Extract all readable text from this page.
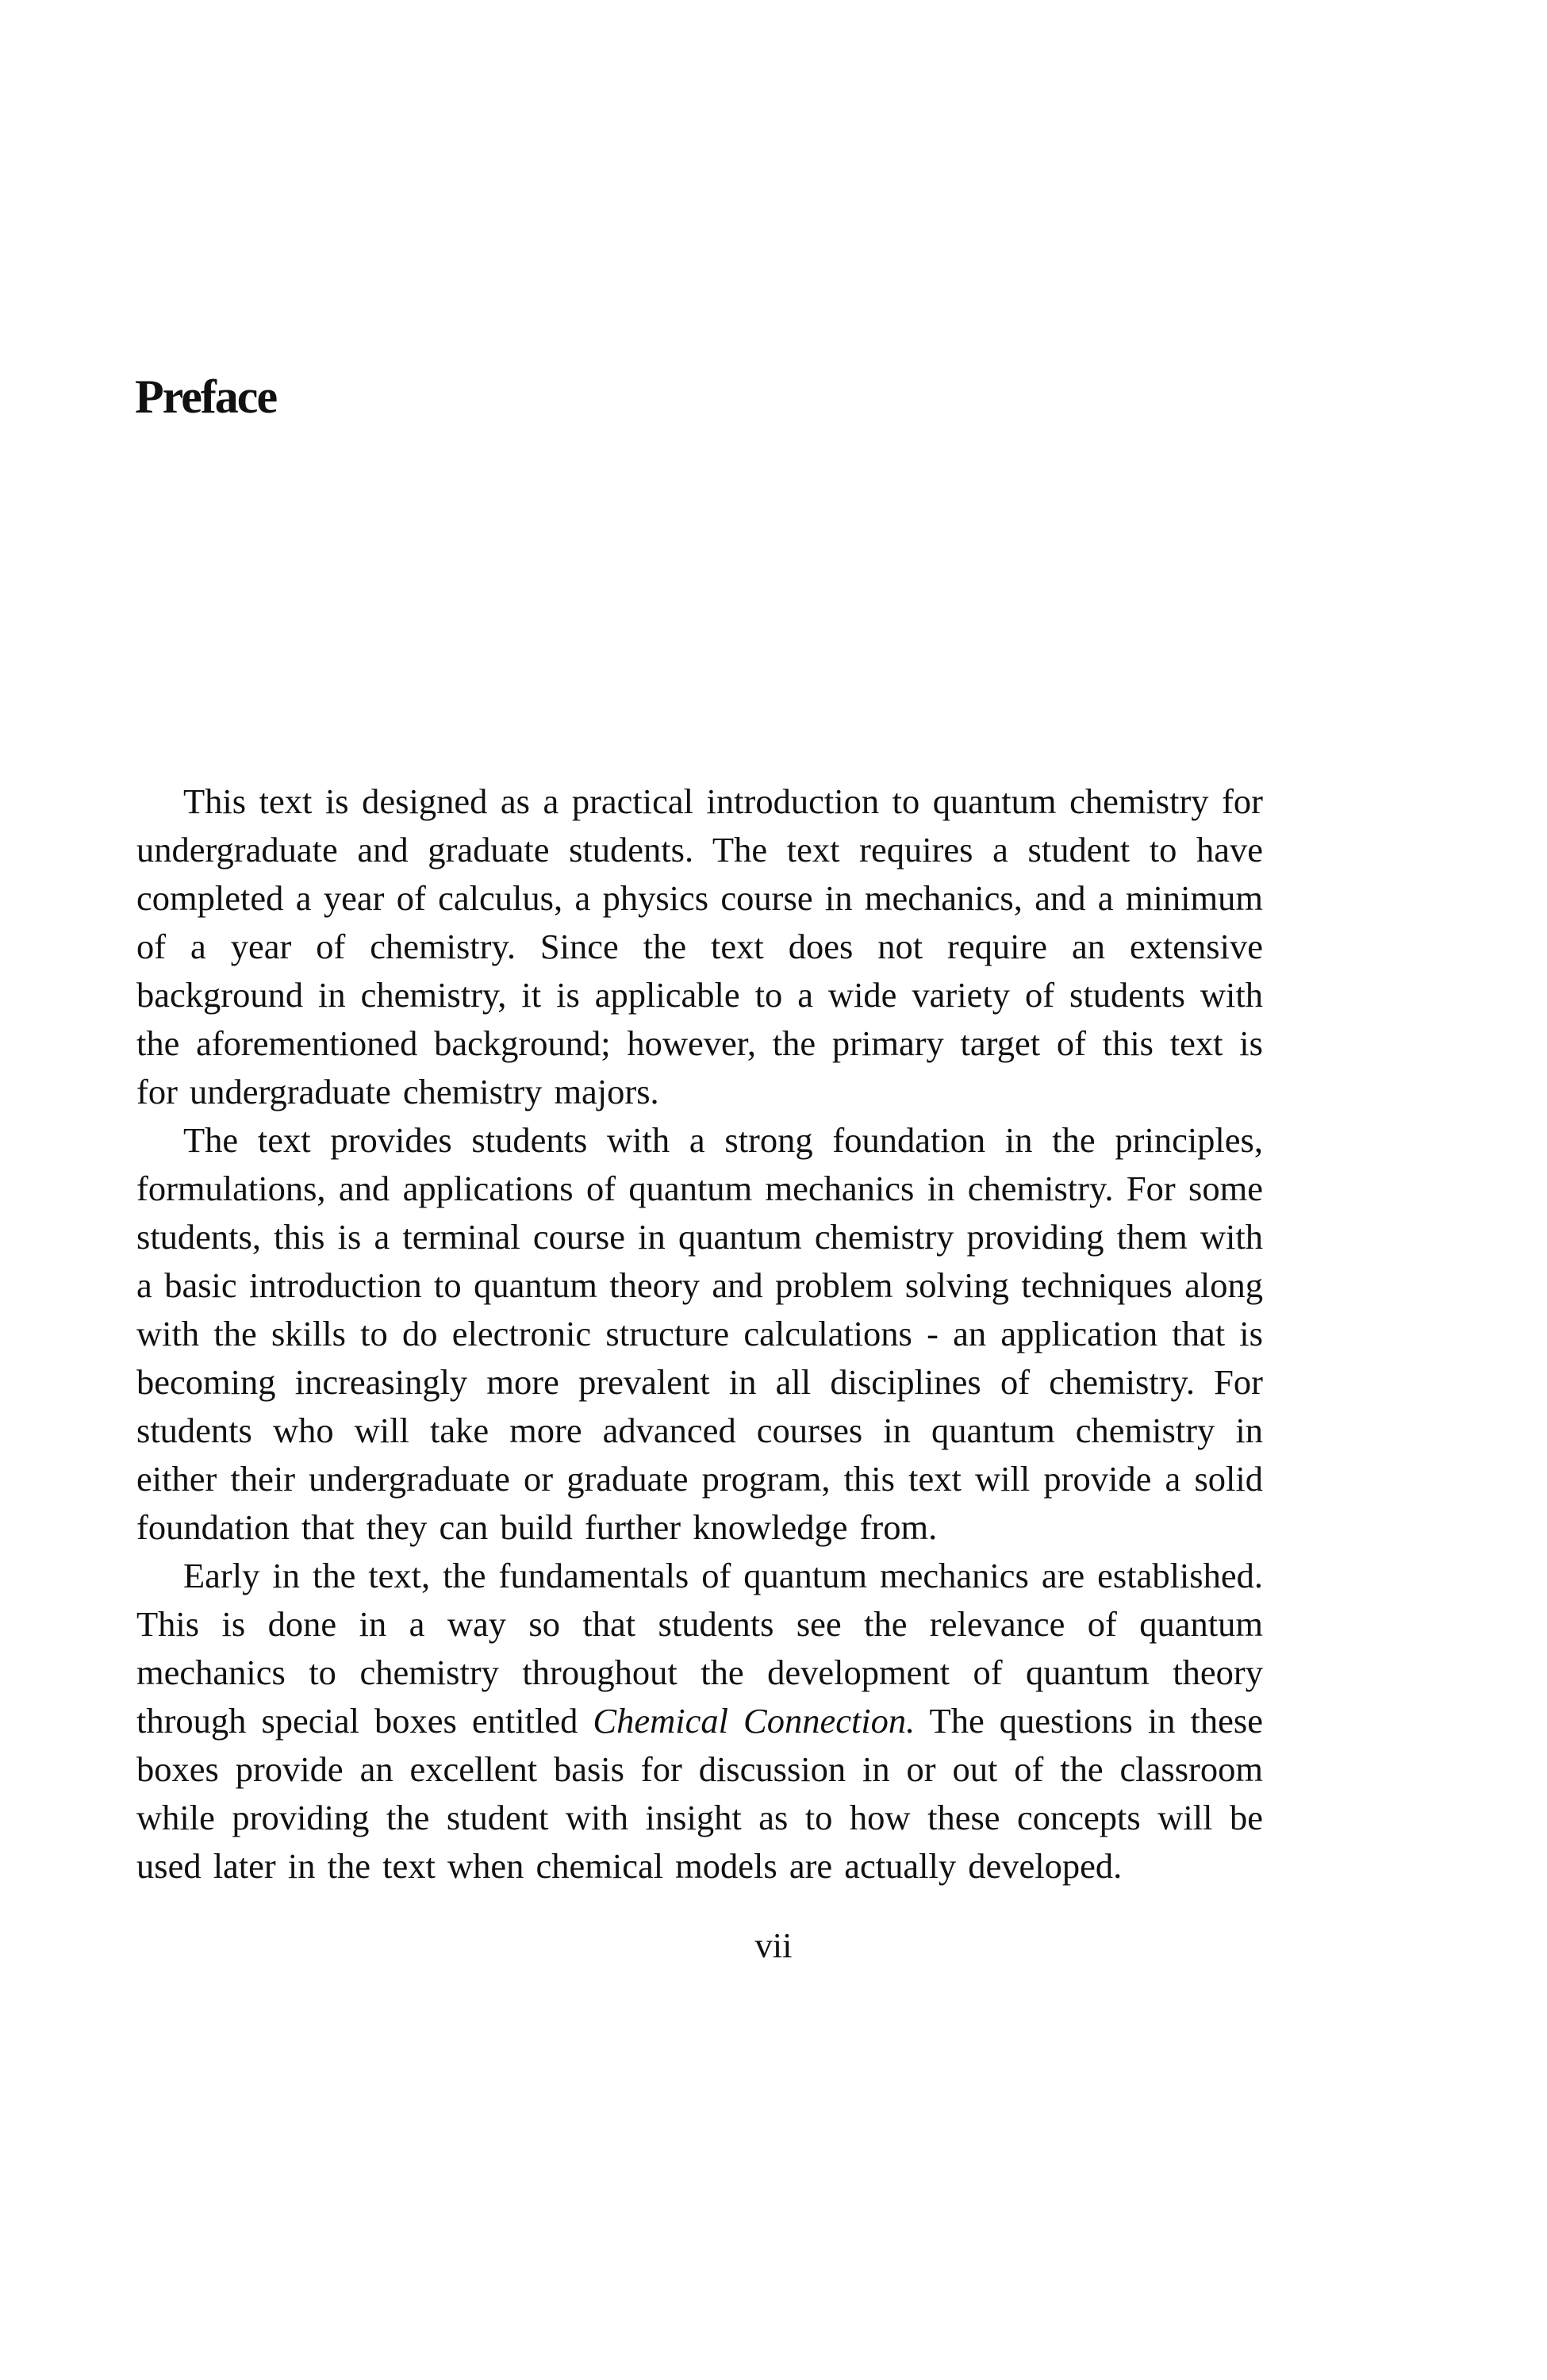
Preface

This text is designed as a practical introduction to quantum chemistry for undergraduate and graduate students. The text requires a student to have completed a year of calculus, a physics course in mechanics, and a minimum of a year of chemistry. Since the text does not require an extensive background in chemistry, it is applicable to a wide variety of students with the aforementioned background; however, the primary target of this text is for undergraduate chemistry majors.

The text provides students with a strong foundation in the principles, formulations, and applications of quantum mechanics in chemistry. For some students, this is a terminal course in quantum chemistry providing them with a basic introduction to quantum theory and problem solving techniques along with the skills to do electronic structure calculations - an application that is becoming increasingly more prevalent in all disciplines of chemistry. For students who will take more advanced courses in quantum chemistry in either their undergraduate or graduate program, this text will provide a solid foundation that they can build further knowledge from.

Early in the text, the fundamentals of quantum mechanics are established. This is done in a way so that students see the relevance of quantum mechanics to chemistry throughout the development of quantum theory through special boxes entitled Chemical Connection. The questions in these boxes provide an excellent basis for discussion in or out of the classroom while providing the student with insight as to how these concepts will be used later in the text when chemical models are actually developed.

vii
